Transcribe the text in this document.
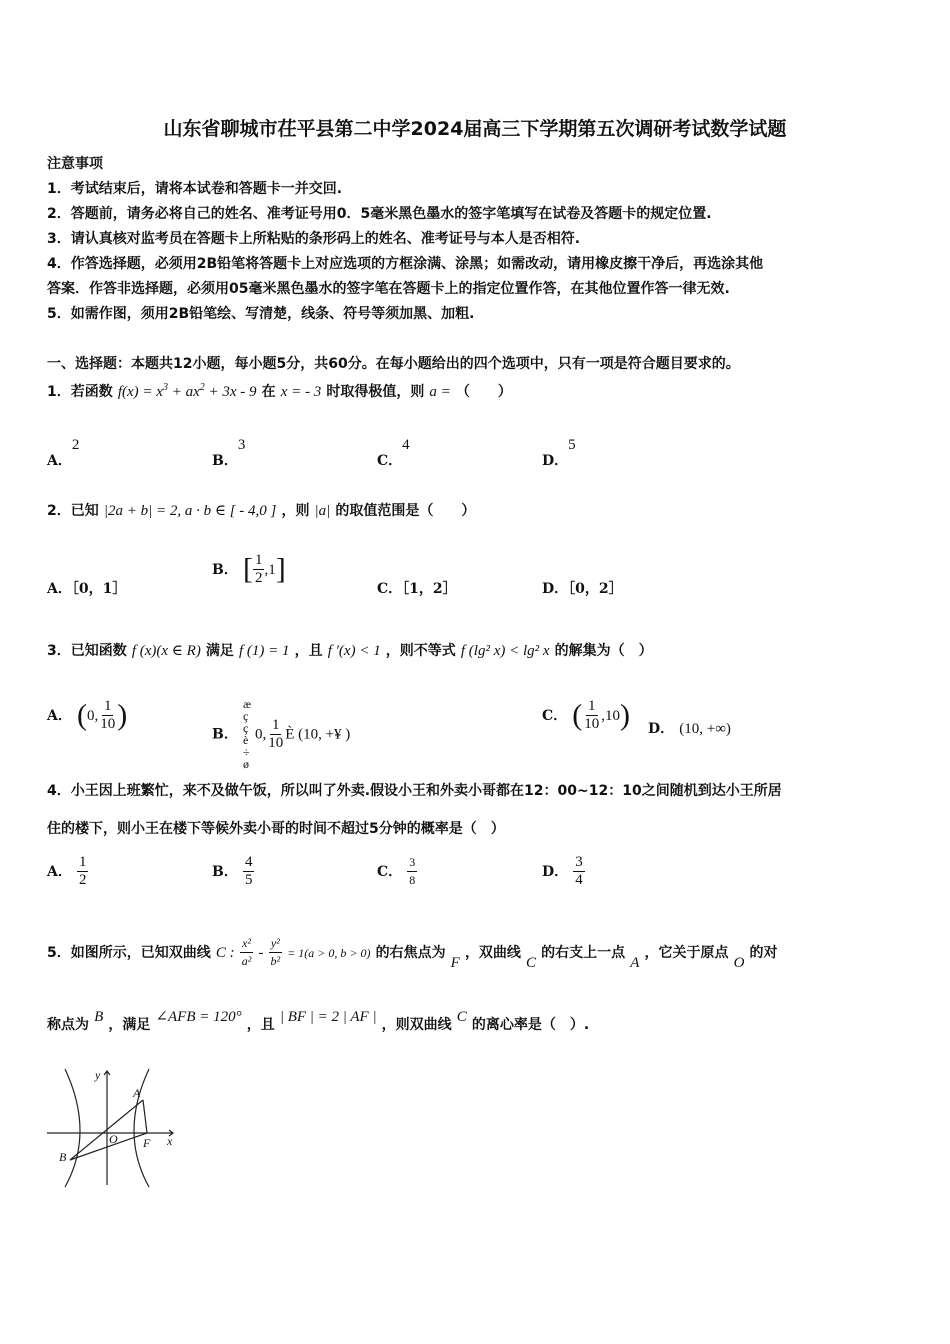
山东省聊城市茌平县第二中学2024届高三下学期第五次调研考试数学试题
注意事项
1．考试结束后，请将本试卷和答题卡一并交回.
2．答题前，请务必将自己的姓名、准考证号用0．5毫米黑色墨水的签字笔填写在试卷及答题卡的规定位置.
3．请认真核对监考员在答题卡上所粘贴的条形码上的姓名、准考证号与本人是否相符.
4．作答选择题，必须用2B铅笔将答题卡上对应选项的方框涂满、涂黑；如需改动，请用橡皮擦干净后，再选涂其他
答案．作答非选择题，必须用05毫米黑色墨水的签字笔在答题卡上的指定位置作答，在其他位置作答一律无效.
5．如需作图，须用2B铅笔绘、写清楚，线条、符号等须加黑、加粗.
一、选择题：本题共12小题，每小题5分，共60分。在每小题给出的四个选项中，只有一项是符合题目要求的。
1．若函数 $f(x) = x^3 + ax^2 + 3x - 9$ 在 x = - 3 时取得极值，则 a = （　　）
A．2
B．3
C．4
D．5
2．已知 |2a + b| = 2, a · b ∈ [ - 4,0 ] ，则 |a| 的取值范围是（　　）
A．［0，1］
B． [ $\frac{1}{2} ,1$]
C．［1，2］	D．［0，2］
3．已知函数 f (x)(x ∈ R) 满足 f (1) = 1 ，且 f ′(x) < 1 ，则不等式 f (lg² x) < lg² x 的解集为（　）
A． (0, $\frac{1}{10}$ )
B． æ ç ç è ÷ ø0, $\frac{1}{10}$ È (10, +¥ )
C． ( $\frac{1}{10} ,10$) D． (10, +∞)
4．小王因上班繁忙，来不及做午饭，所以叫了外卖.假设小王和外卖小哥都在12：00~12：10之间随机到达小王所居
住的楼下，则小王在楼下等候外卖小哥的时间不超过5分钟的概率是（　）
A． $\frac{1}{2}$	B． $\frac{4}{5}$	C． $\frac{3}{8}$	D． $\frac{3}{4}$
5．如图所示，已知双曲线 C : $\frac{\text{x²}}{\text{a²}} - \frac{\text{y²}}{\text{b²}} = 1(a > 0$, b > 0) 的右焦点为 F ，双曲线 C 的右支上一点 A ，它关于原点 O 的对
称点为 B ，满足 ∠AFB = 120° ，且 | BF | = 2 | AF | ，则双曲线 C 的离心率是（　）.
y
A
O F x
B
